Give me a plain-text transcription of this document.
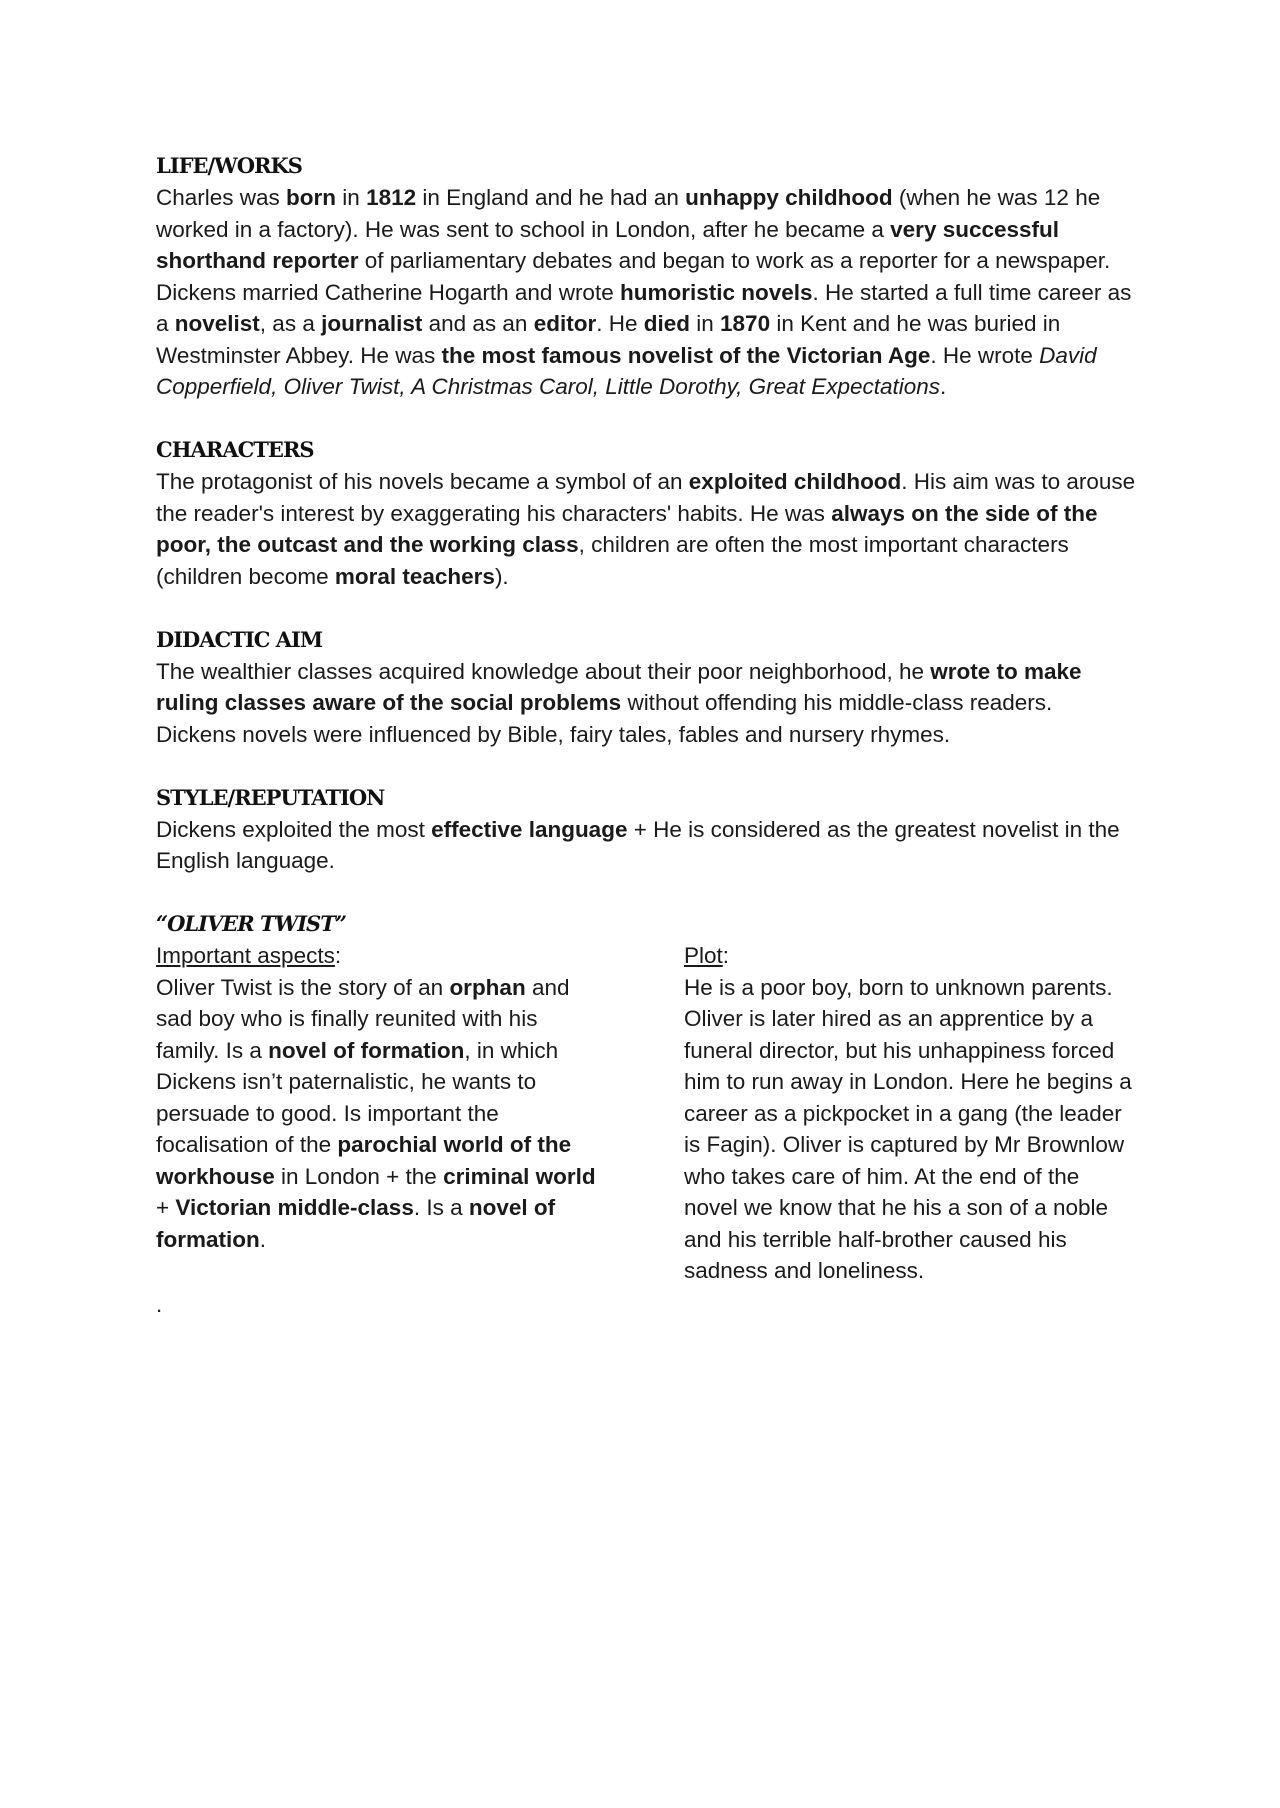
LIFE/WORKS

Charles was born in 1812 in England and he had an unhappy childhood (when he was 12 he worked in a factory). He was sent to school in London, after he became a very successful shorthand reporter of parliamentary debates and began to work as a reporter for a newspaper. Dickens married Catherine Hogarth and wrote humoristic novels. He started a full time career as a novelist, as a journalist and as an editor. He died in 1870 in Kent and he was buried in Westminster Abbey. He was the most famous novelist of the Victorian Age. He wrote David Copperfield, Oliver Twist, A Christmas Carol, Little Dorothy, Great Expectations.

CHARACTERS

The protagonist of his novels became a symbol of an exploited childhood. His aim was to arouse the reader's interest by exaggerating his characters' habits. He was always on the side of the poor, the outcast and the working class, children are often the most important characters (children become moral teachers).

DIDACTIC AIM

The wealthier classes acquired knowledge about their poor neighborhood, he wrote to make ruling classes aware of the social problems without offending his middle-class readers. Dickens novels were influenced by Bible, fairy tales, fables and nursery rhymes.

STYLE/REPUTATION

Dickens exploited the most effective language + He is considered as the greatest novelist in the English language.

“OLIVER TWIST”

Important aspects:

Oliver Twist is the story of an orphan and sad boy who is finally reunited with his family. Is a novel of formation, in which Dickens isn’t paternalistic, he wants to persuade to good. Is important the focalisation of the parochial world of the workhouse in London + the criminal world + Victorian middle-class. Is a novel of formation.

Plot:

He is a poor boy, born to unknown parents. Oliver is later hired as an apprentice by a funeral director, but his unhappiness forced him to run away in London. Here he begins a career as a pickpocket in a gang (the leader is Fagin). Oliver is captured by Mr Brownlow who takes care of him. At the end of the novel we know that he his a son of a noble and his terrible half-brother caused his sadness and loneliness.

.
